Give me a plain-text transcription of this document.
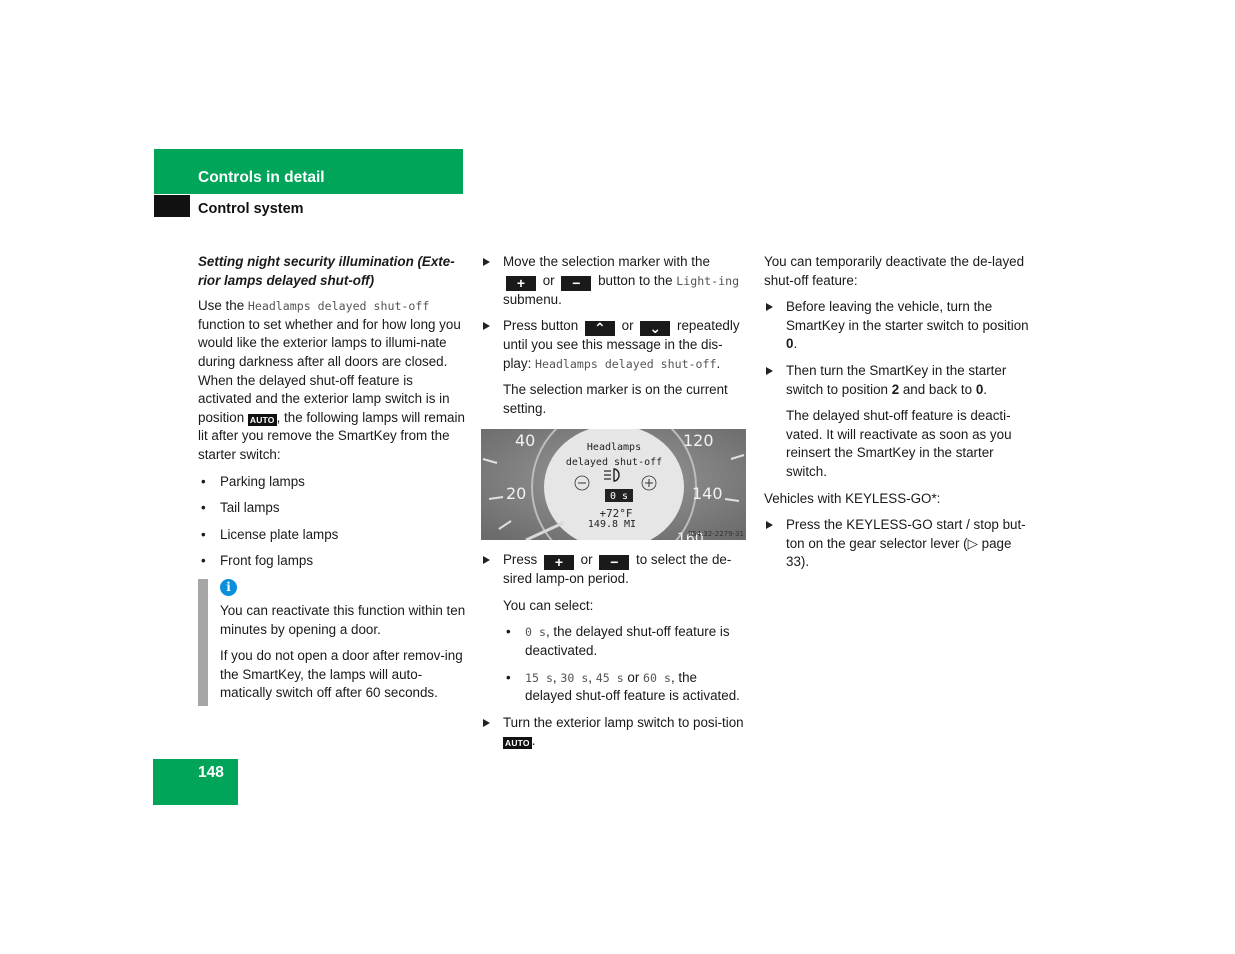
Controls in detail
Control system

Setting night security illumination (Exte-rior lamps delayed shut-off)

Use the Headlamps delayed shut-off function to set whether and for how long you would like the exterior lamps to illumi-nate during darkness after all doors are closed. When the delayed shut-off feature is activated and the exterior lamp switch is in position AUTO , the following lamps will remain lit after you remove the SmartKey from the starter switch:

• Parking lamps
• Tail lamps
• License plate lamps
• Front fog lamps
i

You can reactivate this function within ten minutes by opening a door.

If you do not open a door after remov-ing the SmartKey, the lamps will auto-matically switch off after 60 seconds.

Move the selection marker with the + or − button to the Light-ing submenu.
Press button ⌃ or ⌄ repeatedly until you see this message in the dis-play: Headlamps delayed shut-off.

The selection marker is on the current setting.

40
20
120
140
160
Headlamps
delayed shut-off
0 s
+72°F
149.8 MI
P54.32-2279-31
Press + or − to select the de-sired lamp-on period.

You can select:

• 0 s, the delayed shut-off feature is deactivated.
• 15 s, 30 s, 45 s or 60 s, the delayed shut-off feature is activated.
Turn the exterior lamp switch to posi-tion AUTO .

You can temporarily deactivate the de-layed shut-off feature:

Before leaving the vehicle, turn the SmartKey in the starter switch to position 0.
Then turn the SmartKey in the starter switch to position 2 and back to 0.

The delayed shut-off feature is deacti-vated. It will reactivate as soon as you reinsert the SmartKey in the starter switch.

Vehicles with KEYLESS-GO*:

Press the KEYLESS-GO start / stop but-ton on the gear selector lever (▷ page 33).
148
